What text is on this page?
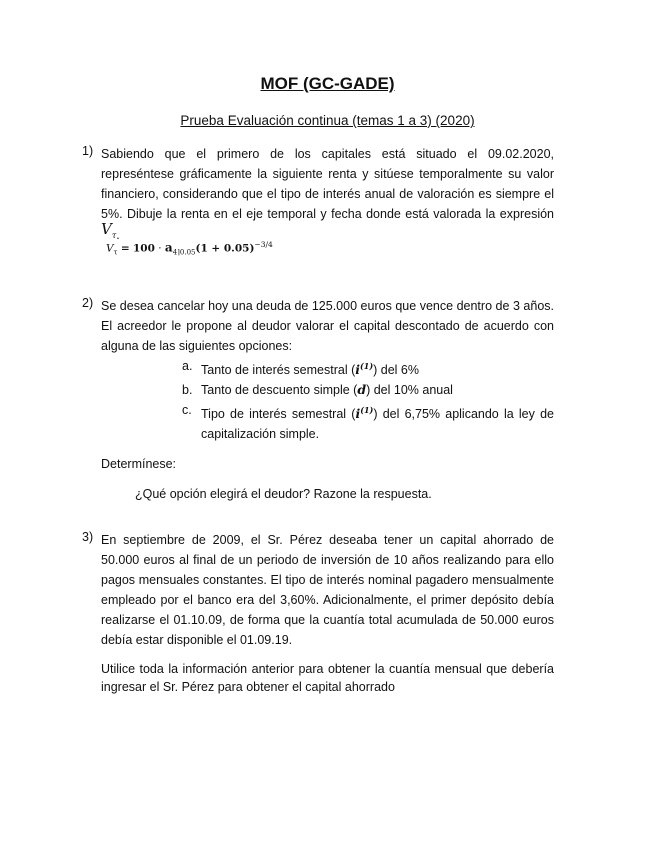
MOF (GC-GADE)
Prueba Evaluación continua (temas 1 a 3) (2020)
1) Sabiendo que el primero de los capitales está situado el 09.02.2020, represéntese gráficamente la siguiente renta y sitúese temporalmente su valor financiero, considerando que el tipo de interés anual de valoración es siempre el 5%. Dibuje la renta en el eje temporal y fecha donde está valorada la expresión $V_\tau$.

$V_\tau = 100 \cdot a_{4⌉0.05}(1 + 0.05)^{-3/4}$
2) Se desea cancelar hoy una deuda de 125.000 euros que vence dentro de 3 años. El acreedor le propone al deudor valorar el capital descontado de acuerdo con alguna de las siguientes opciones:

a. Tanto de interés semestral $(i^{(1)})$ del 6%
b. Tanto de descuento simple (d) del 10% anual
c. Tipo de interés semestral $(i^{(1)})$ del 6,75% aplicando la ley de capitalización simple.

Determínese:

¿Qué opción elegirá el deudor? Razone la respuesta.

3) En septiembre de 2009, el Sr. Pérez deseaba tener un capital ahorrado de 50.000 euros al final de un periodo de inversión de 10 años realizando para ello pagos mensuales constantes. El tipo de interés nominal pagadero mensualmente empleado por el banco era del 3,60%. Adicionalmente, el primer depósito debía realizarse el 01.10.09, de forma que la cuantía total acumulada de 50.000 euros debía estar disponible el 01.09.19.

Utilice toda la información anterior para obtener la cuantía mensual que debería ingresar el Sr. Pérez para obtener el capital ahorrado
